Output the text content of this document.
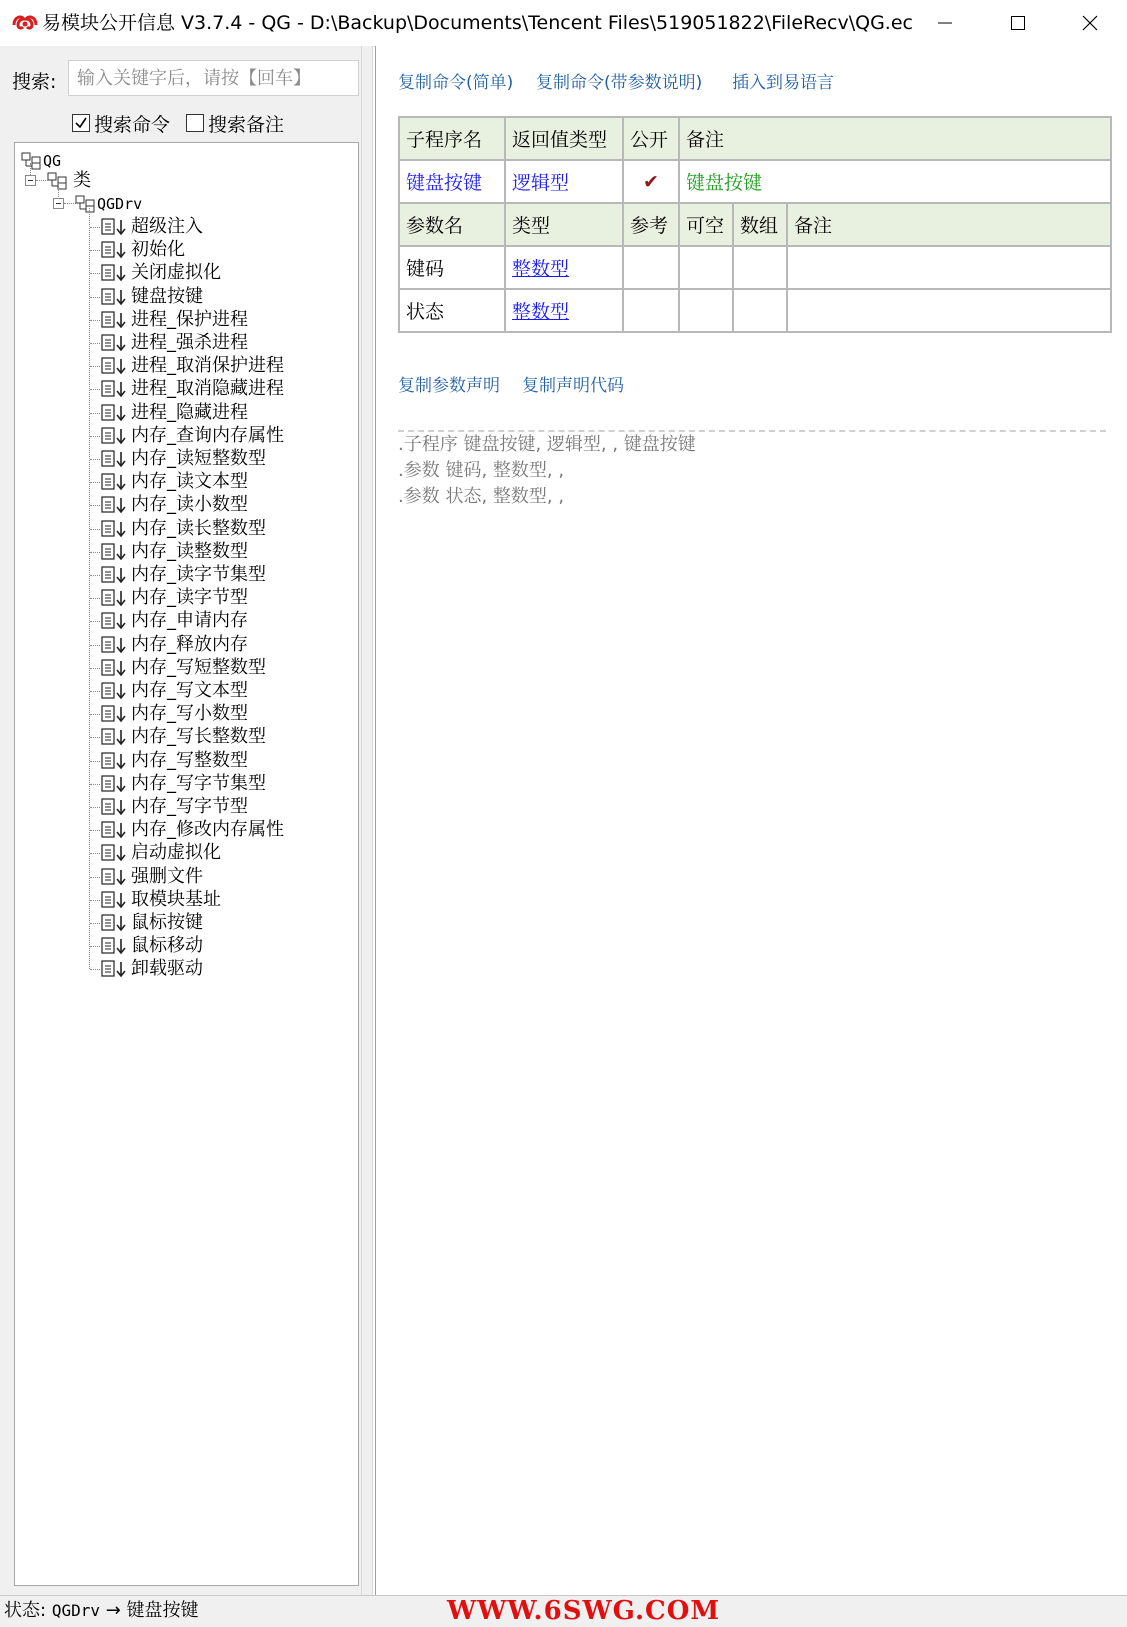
易模块公开信息 V3.7.4 - QG - D:\Backup\Documents\Tencent Files\519051822\FileRecv\QG.ec
搜索:
输入关键字后，请按【回车】
搜索命令 搜索备注
QG
类
QGDrv
超级注入
初始化
关闭虚拟化
键盘按键
进程_保护进程
进程_强杀进程
进程_取消保护进程
进程_取消隐藏进程
进程_隐藏进程
内存_查询内存属性
内存_读短整数型
内存_读文本型
内存_读小数型
内存_读长整数型
内存_读整数型
内存_读字节集型
内存_读字节型
内存_申请内存
内存_释放内存
内存_写短整数型
内存_写文本型
内存_写小数型
内存_写长整数型
内存_写整数型
内存_写字节集型
内存_写字节型
内存_修改内存属性
启动虚拟化
强删文件
取模块基址
鼠标按键
鼠标移动
卸载驱动
复制命令(简单) 复制命令(带参数说明) 插入到易语言
子程序名	返回值类型	公开	备注		
键盘按键	逻辑型	✔	键盘按键		
参数名	类型	参考	可空	数组	备注
键码	整数型				
状态	整数型				
复制参数声明 复制声明代码
.子程序 键盘按键, 逻辑型, , 键盘按键
.参数 键码, 整数型, ,
.参数 状态, 整数型, ,
状态: QGDrv → 键盘按键	WWW.6SWG.COM
